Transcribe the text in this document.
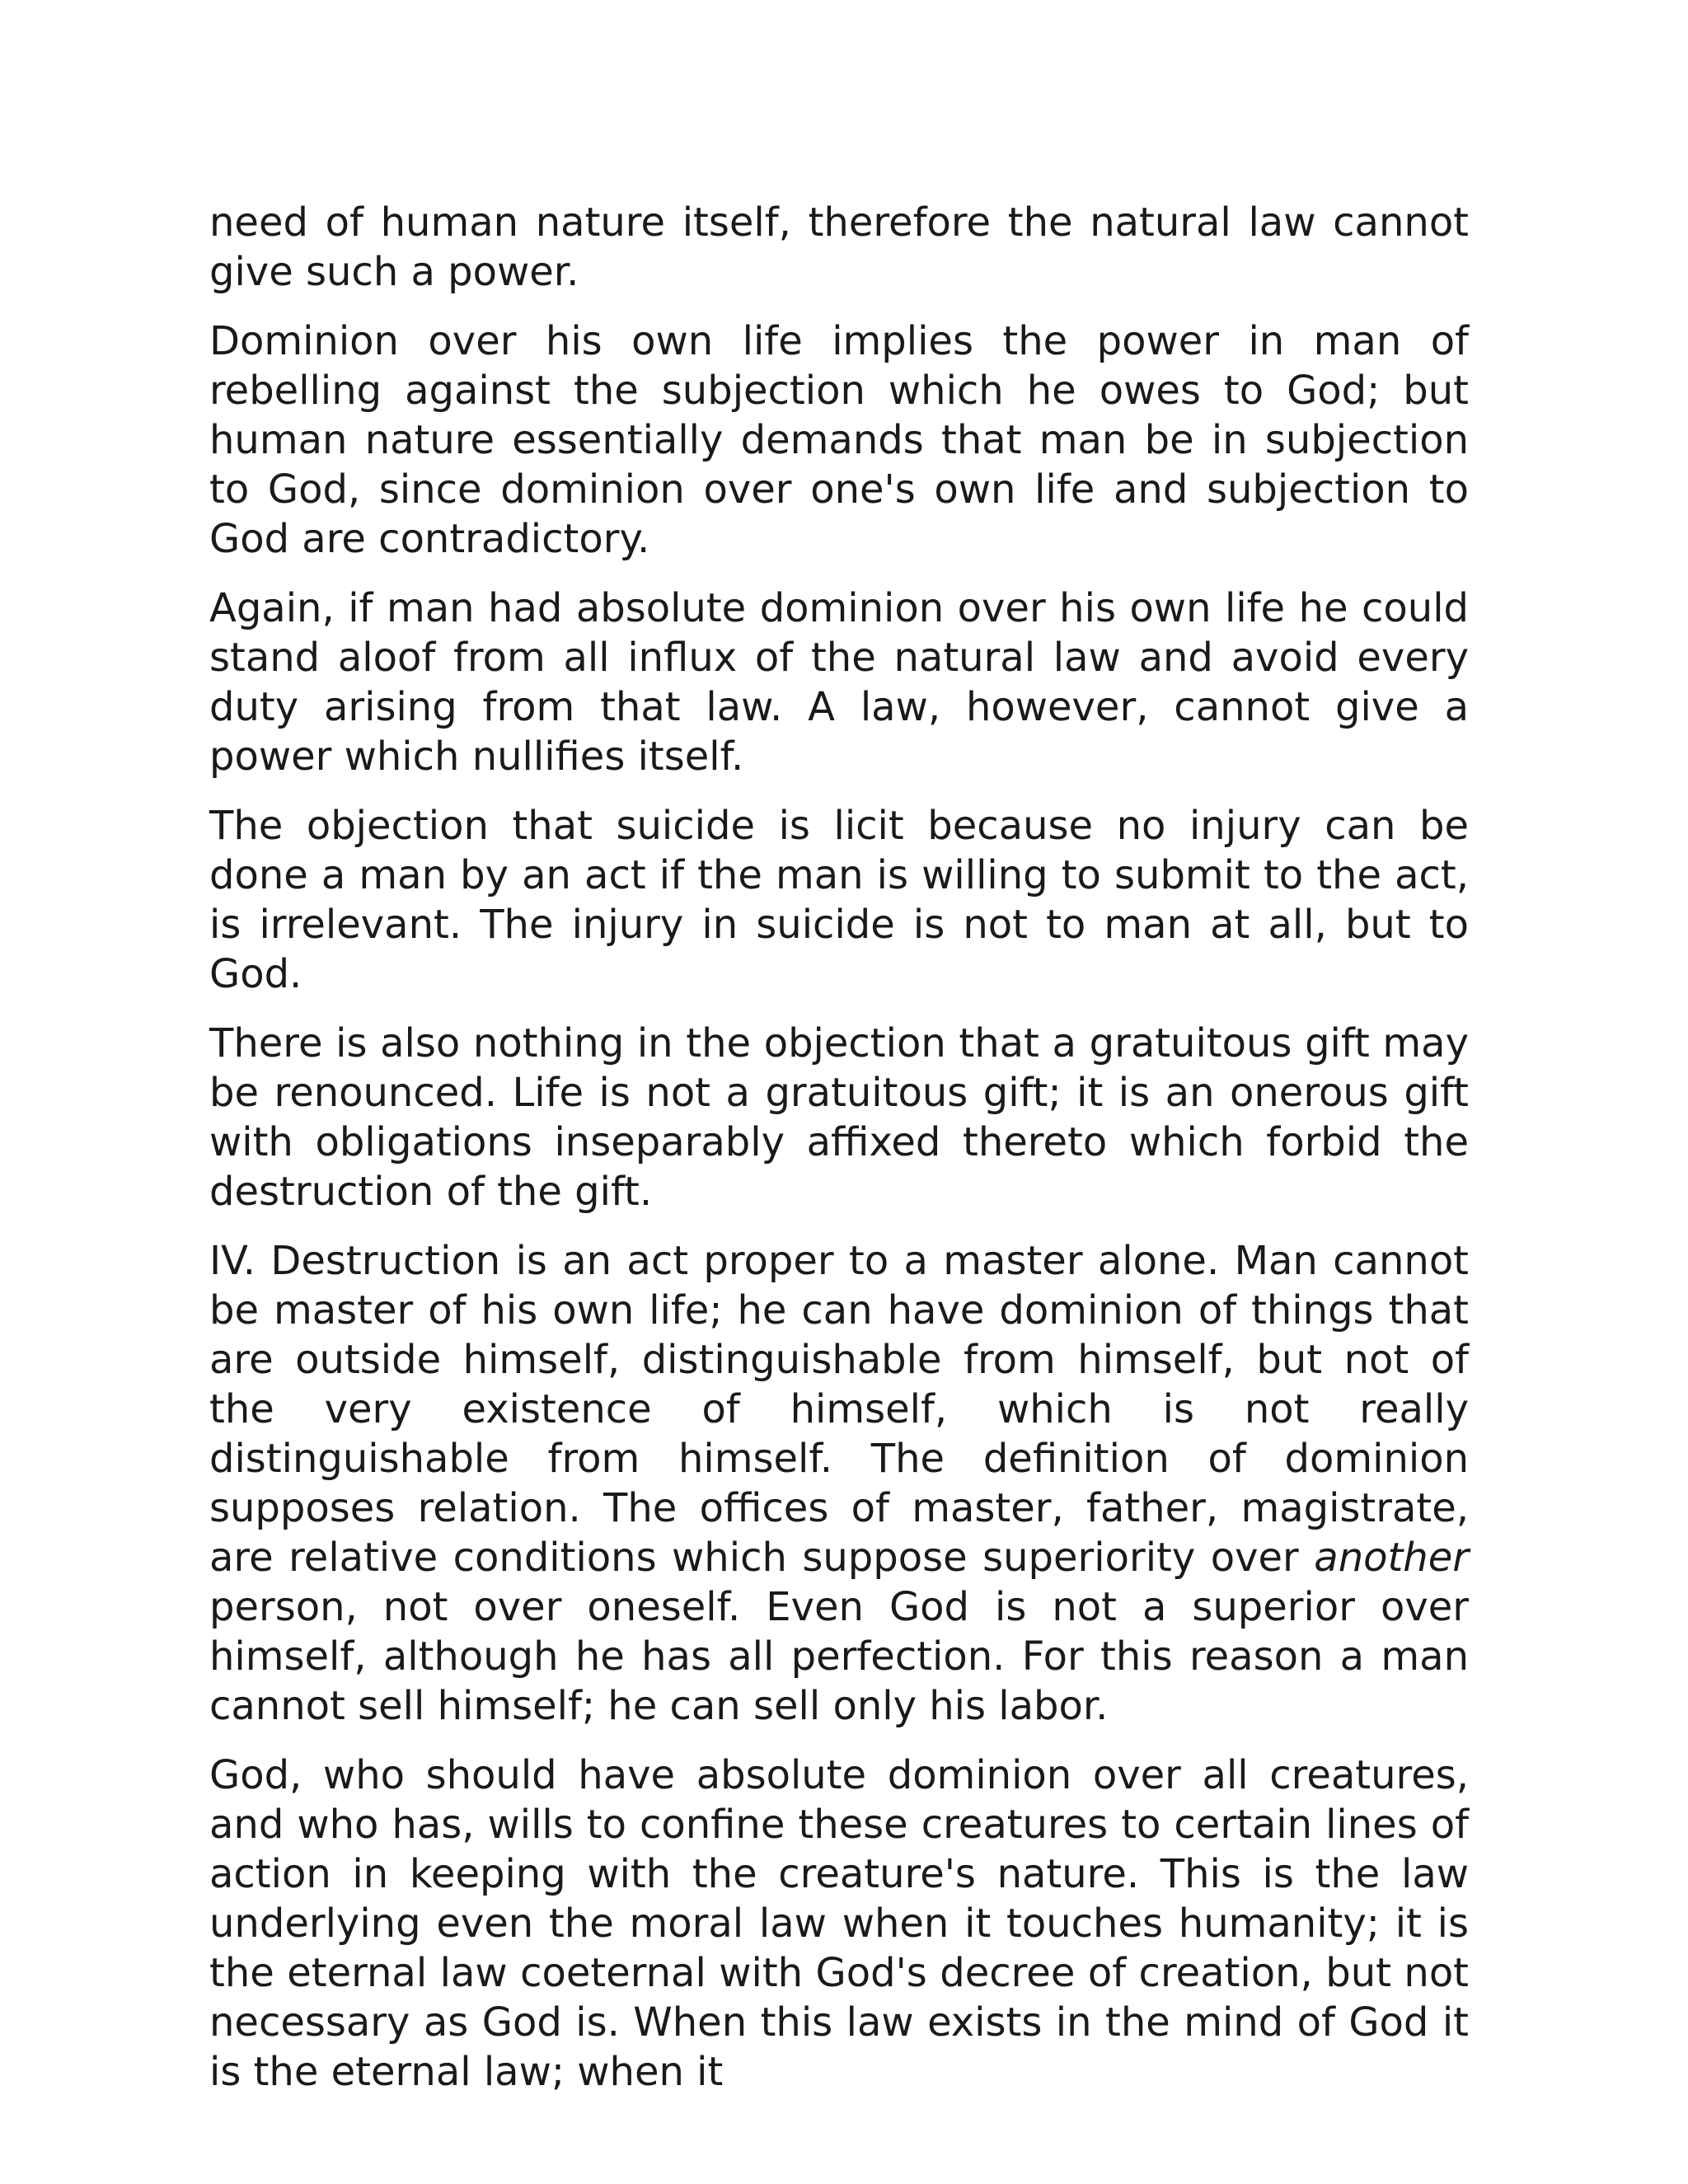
need of human nature itself, therefore the natural law cannot give such a power.

Dominion over his own life implies the power in man of rebelling against the subjection which he owes to God; but human nature essentially demands that man be in subjection to God, since dominion over one's own life and subjection to God are contradictory.

Again, if man had absolute dominion over his own life he could stand aloof from all influx of the natural law and avoid every duty arising from that law. A law, however, cannot give a power which nullifies itself.

The objection that suicide is licit because no injury can be done a man by an act if the man is willing to submit to the act, is irrelevant. The injury in suicide is not to man at all, but to God.

There is also nothing in the objection that a gratuitous gift may be renounced. Life is not a gratuitous gift; it is an onerous gift with obligations inseparably affixed thereto which forbid the destruction of the gift.

IV. Destruction is an act proper to a master alone. Man cannot be master of his own life; he can have dominion of things that are outside himself, distinguishable from himself, but not of the very existence of himself, which is not really distinguishable from himself. The definition of dominion supposes relation. The offices of master, father, magistrate, are relative conditions which suppose superiority over another person, not over oneself. Even God is not a superior over himself, although he has all perfection. For this reason a man cannot sell himself; he can sell only his labor.

God, who should have absolute dominion over all creatures, and who has, wills to confine these creatures to certain lines of action in keeping with the creature's nature. This is the law underlying even the moral law when it touches humanity; it is the eternal law coeternal with God's decree of creation, but not necessary as God is. When this law exists in the mind of God it is the eternal law; when it
